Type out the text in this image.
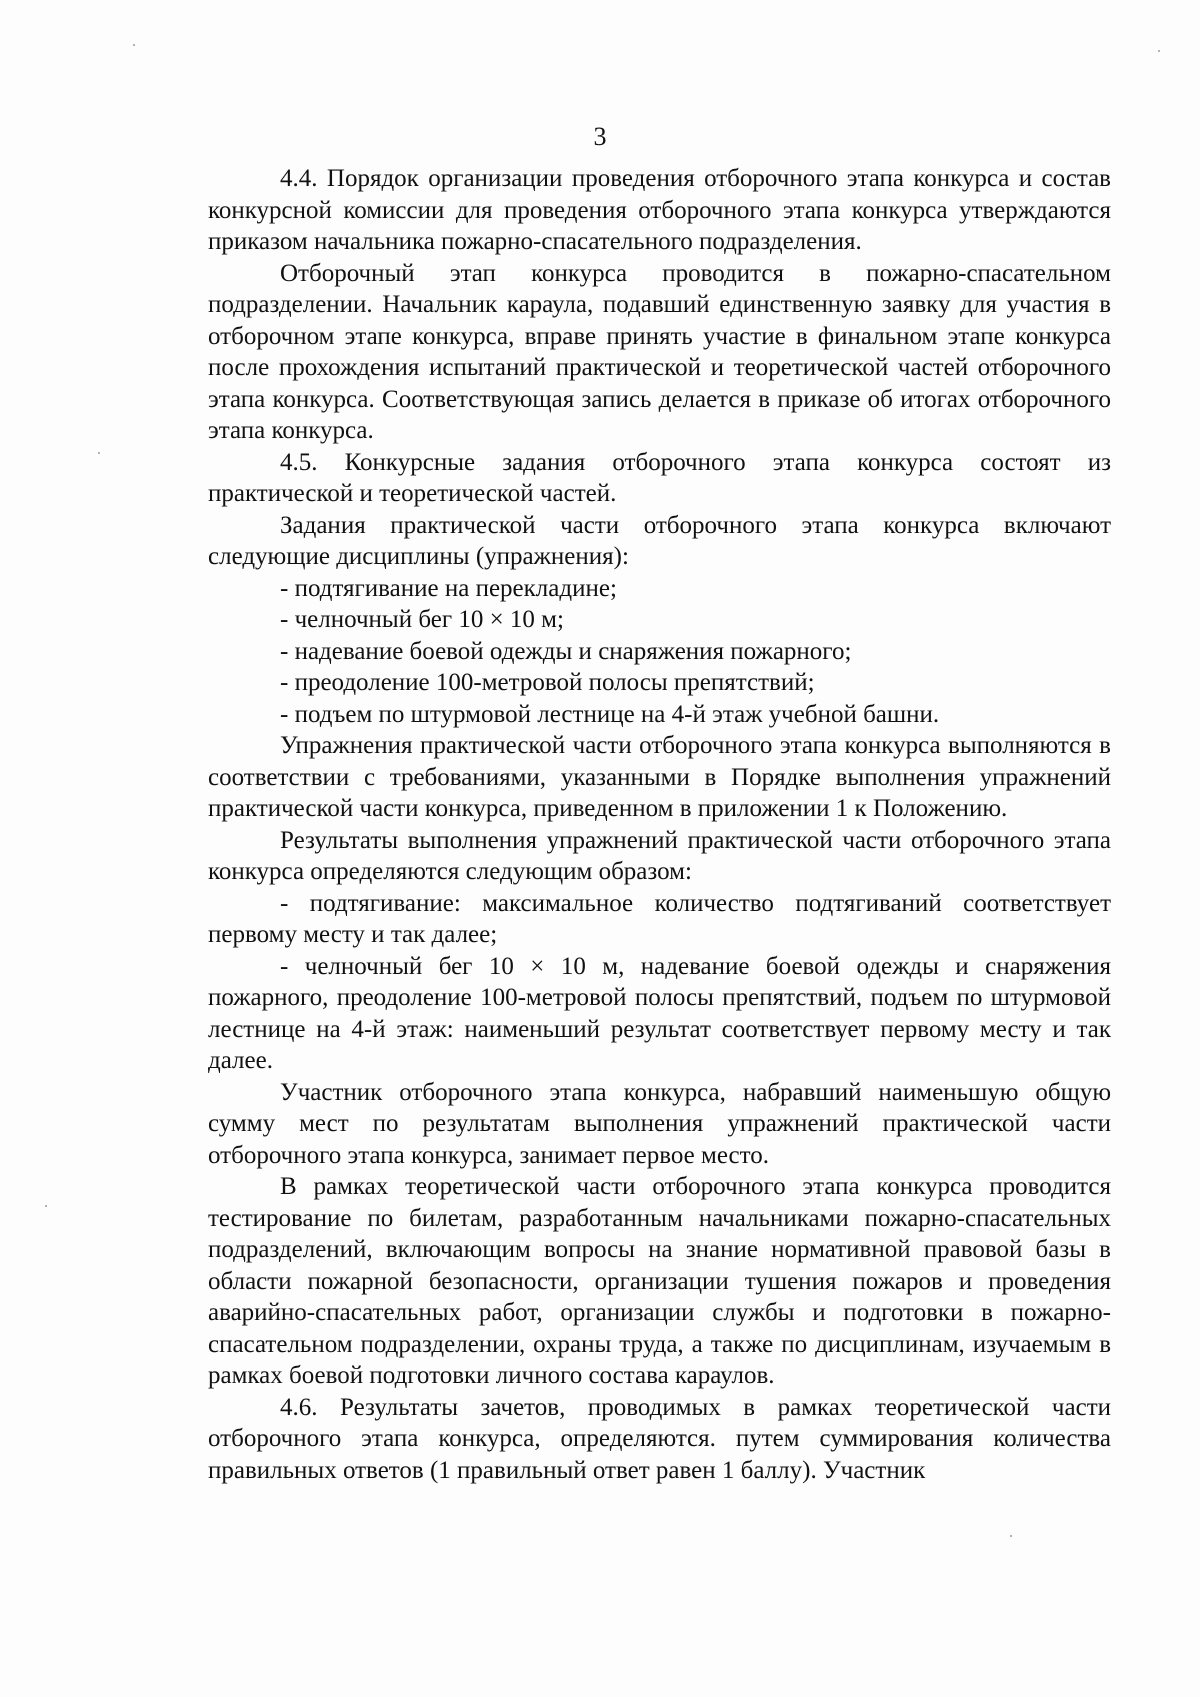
3

4.4. Порядок организации проведения отборочного этапа конкурса и состав конкурсной комиссии для проведения отборочного этапа конкурса утверждаются приказом начальника пожарно-спасательного подразделения.

Отборочный этап конкурса проводится в пожарно-спасательном подразделении. Начальник караула, подавший единственную заявку для участия в отборочном этапе конкурса, вправе принять участие в финальном этапе конкурса после прохождения испытаний практической и теоретической частей отборочного этапа конкурса. Соответствующая запись делается в приказе об итогах отборочного этапа конкурса.

4.5. Конкурсные задания отборочного этапа конкурса состоят из практической и теоретической частей.

Задания практической части отборочного этапа конкурса включают следующие дисциплины (упражнения):

- подтягивание на перекладине;

- челночный бег 10 × 10 м;

- надевание боевой одежды и снаряжения пожарного;

- преодоление 100-метровой полосы препятствий;

- подъем по штурмовой лестнице на 4-й этаж учебной башни.

Упражнения практической части отборочного этапа конкурса выполняются в соответствии с требованиями, указанными в Порядке выполнения упражнений практической части конкурса, приведенном в приложении 1 к Положению.

Результаты выполнения упражнений практической части отборочного этапа конкурса определяются следующим образом:

- подтягивание: максимальное количество подтягиваний соответствует первому месту и так далее;

- челночный бег 10 × 10 м, надевание боевой одежды и снаряжения пожарного, преодоление 100-метровой полосы препятствий, подъем по штурмовой лестнице на 4-й этаж: наименьший результат соответствует первому месту и так далее.

Участник отборочного этапа конкурса, набравший наименьшую общую сумму мест по результатам выполнения упражнений практической части отборочного этапа конкурса, занимает первое место.

В рамках теоретической части отборочного этапа конкурса проводится тестирование по билетам, разработанным начальниками пожарно-спасательных подразделений, включающим вопросы на знание нормативной правовой базы в области пожарной безопасности, организации тушения пожаров и проведения аварийно-спасательных работ, организации службы и подготовки в пожарно-спасательном подразделении, охраны труда, а также по дисциплинам, изучаемым в рамках боевой подготовки личного состава караулов.

4.6. Результаты зачетов, проводимых в рамках теоретической части отборочного этапа конкурса, определяются. путем суммирования количества правильных ответов (1 правильный ответ равен 1 баллу). Участник
